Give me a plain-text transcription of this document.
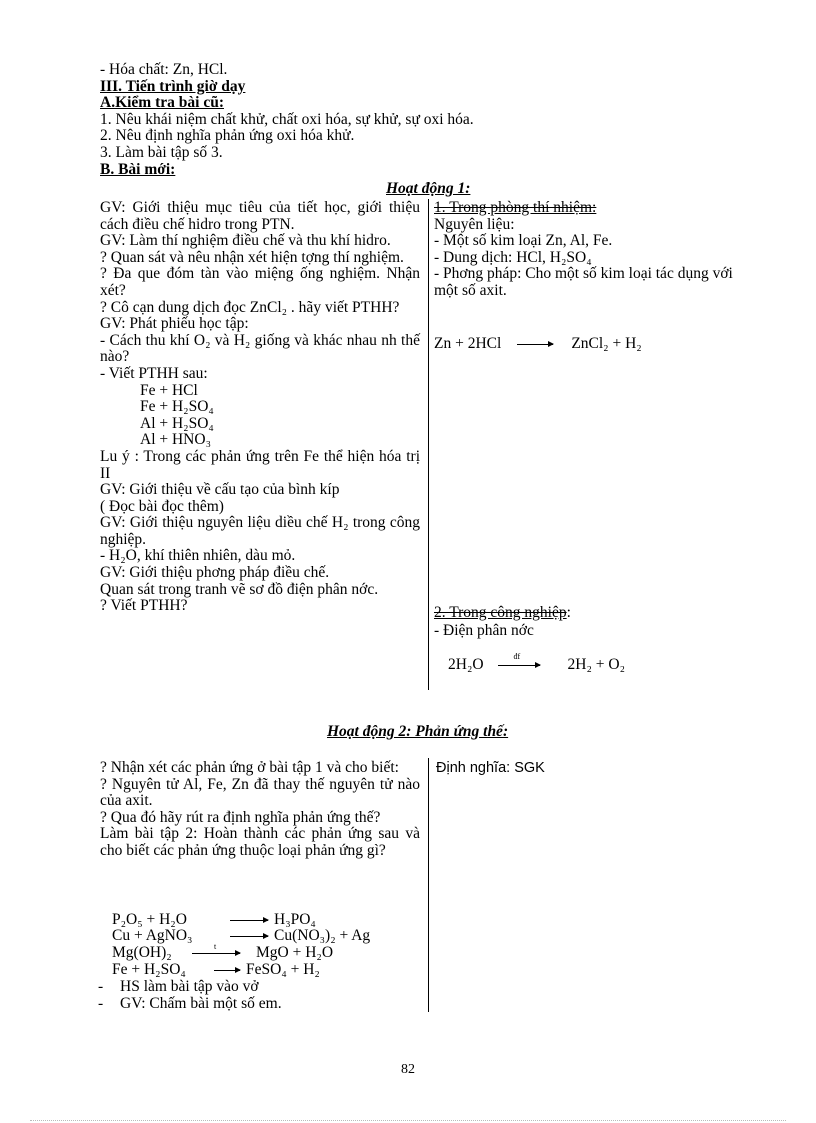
- Hóa chất: Zn, HCl.
III. Tiến trình giờ dạy
A.Kiểm tra bài cũ:
1. Nêu khái niệm chất khử, chất oxi hóa, sự khử, sự oxi hóa.
2. Nêu định nghĩa phản ứng oxi hóa khử.
3. Làm bài tập số 3.
B. Bài mới:
Hoạt động 1:

GV: Giới thiệu mục tiêu của tiết học, giới thiệu cách điều chế hidro trong PTN.

GV: Làm thí nghiệm điều chế và thu khí hidro.

? Quan sát và nêu nhận xét hiện tợng thí nghiệm.

? Đa que đóm tàn vào miệng ống nghiệm. Nhận xét?

? Cô cạn dung dịch đọc ZnCl₂ . hãy viết PTHH?

GV: Phát phiếu học tập:

- Cách thu khí O₂ và H₂ giống và khác nhau nh thế nào?

- Viết PTHH sau:

Fe + HCl

Fe + H₂SO₄

Al + H₂SO₄

Al + HNO₃

Lu ý : Trong các phản ứng trên Fe thể hiện hóa trị II

GV: Giới thiệu về cấu tạo của bình kíp

( Đọc bài đọc thêm)

GV: Giới thiệu nguyên liệu diều chế H₂ trong công nghiệp.

- H₂O, khí thiên nhiên, dàu mỏ.

GV: Giới thiệu phơng pháp điều chế.

Quan sát trong tranh vẽ sơ đồ điện phân nớc.

? Viết PTHH?

1. Trong phòng thí nhiệm:

Nguyên liệu:

- Một số kim loại Zn, Al, Fe.

- Dung dịch: HCl, H₂SO₄

- Phơng pháp: Cho một số kim loại tác dụng với một số axit.

Zn + 2HCl	ZnCl₂ + H₂
2. Trong công nghiệp:
- Điện phân nớc
2H₂O	đf	2H₂ + O₂
Hoạt động 2: Phản ứng thế:

? Nhận xét các phản ứng ở bài tập 1 và cho biết:

? Nguyên tử Al, Fe, Zn đã thay thế nguyên tử nào của axit.

? Qua đó hãy rút ra định nghĩa phản ứng thế?

Làm bài tập 2: Hoàn thành các phản ứng sau và cho biết các phản ứng thuộc loại phản ứng gì?

P₂O₅ + H₂O	H₃PO₄
Cu + AgNO₃	Cu(NO₃)₂ + Ag
Mg(OH)₂	t	MgO + H₂O
Fe + H₂SO₄	FeSO₄ + H₂
- HS làm bài tập vào vở
- GV: Chấm bài một số em.
Định nghĩa: SGK
82
